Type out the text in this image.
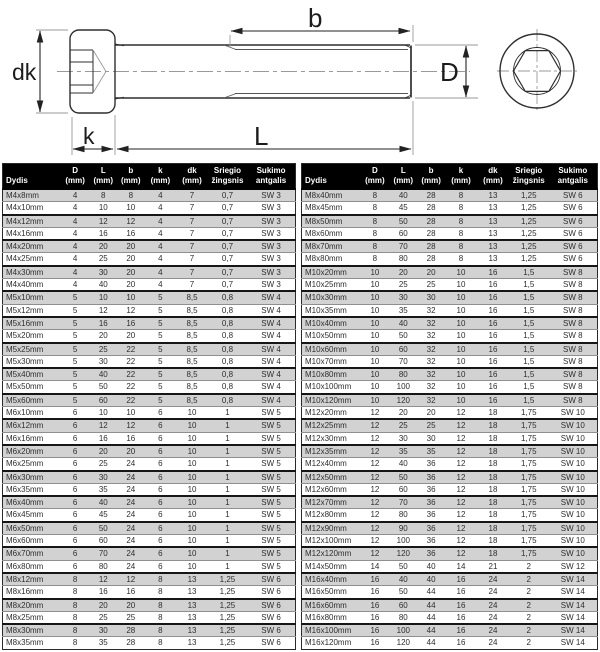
dk
k	L
b
D
Dydis

D
(mm)

L
(mm)

b
(mm)

k
(mm)

dk
(mm)

Sriegio
žingsnis

Sukimo
antgalis

M4x8mm	4	8	8	4	7	0,7	SW 3
M4x10mm	4	10	10	4	7	0,7	SW 3
M4x12mm	4	12	12	4	7	0,7	SW 3
M4x16mm	4	16	16	4	7	0,7	SW 3
M4x20mm	4	20	20	4	7	0,7	SW 3
M4x25mm	4	25	20	4	7	0,7	SW 3
M4x30mm	4	30	20	4	7	0,7	SW 3
M4x40mm	4	40	20	4	7	0,7	SW 3
M5x10mm	5	10	10	5	8,5	0,8	SW 4
M5x12mm	5	12	12	5	8,5	0,8	SW 4
M5x16mm	5	16	16	5	8,5	0,8	SW 4
M5x20mm	5	20	20	5	8,5	0,8	SW 4
M5x25mm	5	25	22	5	8,5	0,8	SW 4
M5x30mm	5	30	22	5	8,5	0,8	SW 4
M5x40mm	5	40	22	5	8,5	0,8	SW 4
M5x50mm	5	50	22	5	8,5	0,8	SW 4
M5x60mm	5	60	22	5	8,5	0,8	SW 4
M6x10mm	6	10	10	6	10	1	SW 5
M6x12mm	6	12	12	6	10	1	SW 5
M6x16mm	6	16	16	6	10	1	SW 5
M6x20mm	6	20	20	6	10	1	SW 5
M6x25mm	6	25	24	6	10	1	SW 5
M6x30mm	6	30	24	6	10	1	SW 5
M6x35mm	6	35	24	6	10	1	SW 5
M6x40mm	6	40	24	6	10	1	SW 5
M6x45mm	6	45	24	6	10	1	SW 5
M6x50mm	6	50	24	6	10	1	SW 5
M6x60mm	6	60	24	6	10	1	SW 5
M6x70mm	6	70	24	6	10	1	SW 5
M6x80mm	6	80	24	6	10	1	SW 5
M8x12mm	8	12	12	8	13	1,25	SW 6
M8x16mm	8	16	16	8	13	1,25	SW 6
M8x20mm	8	20	20	8	13	1,25	SW 6
M8x25mm	8	25	25	8	13	1,25	SW 6
M8x30mm	8	30	28	8	13	1,25	SW 6
M8x35mm	8	35	28	8	13	1,25	SW 6
Dydis

D
(mm)

L
(mm)

b
(mm)

k
(mm)

dk
(mm)

Sriegio
žingsnis

Sukimo
antgalis

M8x40mm	8	40	28	8	13	1,25	SW 6
M8x45mm	8	45	28	8	13	1,25	SW 6
M8x50mm	8	50	28	8	13	1,25	SW 6
M8x60mm	8	60	28	8	13	1,25	SW 6
M8x70mm	8	70	28	8	13	1,25	SW 6
M8x80mm	8	80	28	8	13	1,25	SW 6
M10x20mm	10	20	20	10	16	1,5	SW 8
M10x25mm	10	25	25	10	16	1,5	SW 8
M10x30mm	10	30	30	10	16	1,5	SW 8
M10x35mm	10	35	32	10	16	1,5	SW 8
M10x40mm	10	40	32	10	16	1,5	SW 8
M10x50mm	10	50	32	10	16	1,5	SW 8
M10x60mm	10	60	32	10	16	1,5	SW 8
M10x70mm	10	70	32	10	16	1,5	SW 8
M10x80mm	10	80	32	10	16	1,5	SW 8
M10x100mm	10	100	32	10	16	1,5	SW 8
M10x120mm	10	120	32	10	16	1,5	SW 8
M12x20mm	12	20	20	12	18	1,75	SW 10
M12x25mm	12	25	25	12	18	1,75	SW 10
M12x30mm	12	30	30	12	18	1,75	SW 10
M12x35mm	12	35	35	12	18	1,75	SW 10
M12x40mm	12	40	36	12	18	1,75	SW 10
M12x50mm	12	50	36	12	18	1,75	SW 10
M12x60mm	12	60	36	12	18	1,75	SW 10
M12x70mm	12	70	36	12	18	1,75	SW 10
M12x80mm	12	80	36	12	18	1,75	SW 10
M12x90mm	12	90	36	12	18	1,75	SW 10
M12x100mm	12	100	36	12	18	1,75	SW 10
M12x120mm	12	120	36	12	18	1,75	SW 10
M14x50mm	14	50	40	14	21	2	SW 12
M16x40mm	16	40	40	16	24	2	SW 14
M16x50mm	16	50	44	16	24	2	SW 14
M16x60mm	16	60	44	16	24	2	SW 14
M16x80mm	16	80	44	16	24	2	SW 14
M16x100mm	16	100	44	16	24	2	SW 14
M16x120mm	16	120	44	16	24	2	SW 14
